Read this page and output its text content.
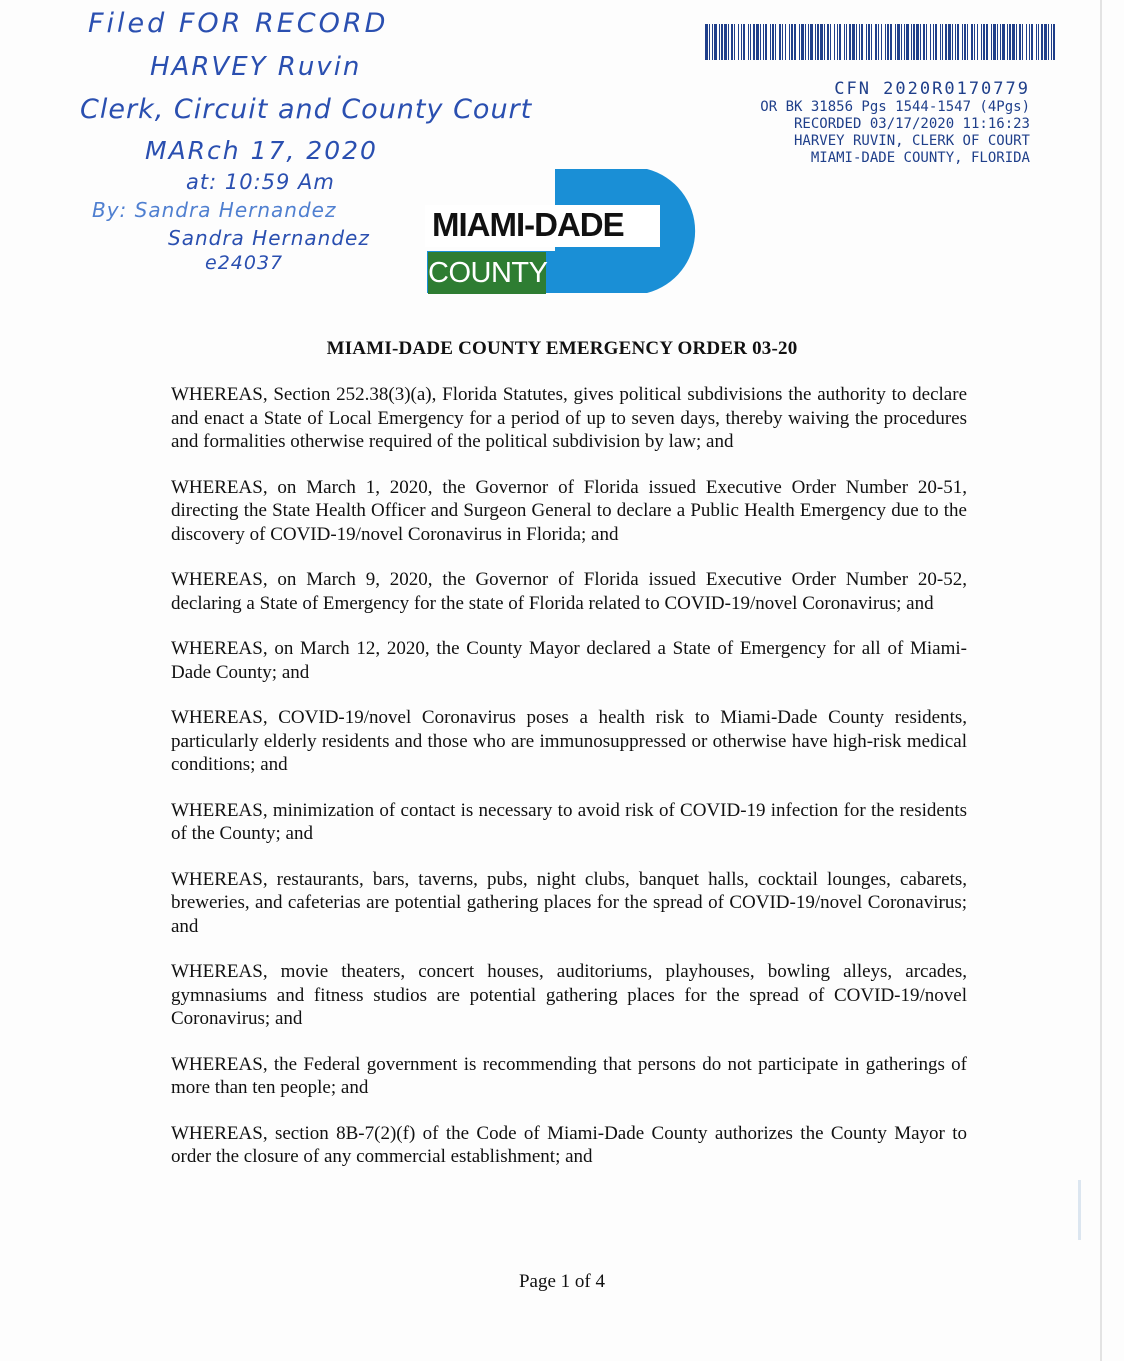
Filed FOR RECORD
HARVEY Ruvin
Clerk, Circuit and County Court
MARch 17, 2020
at: 10:59 Am
By: Sandra Hernandez
Sandra Hernandez
e24037
CFN 2020R0170779
OR BK 31856 Pgs 1544-1547 (4Pgs)
RECORDED 03/17/2020 11:16:23
HARVEY RUVIN, CLERK OF COURT
MIAMI-DADE COUNTY, FLORIDA
MIAMI-DADE
COUNTY
MIAMI-DADE COUNTY EMERGENCY ORDER 03-20

WHEREAS, Section 252.38(3)(a), Florida Statutes, gives political subdivisions the authority to declare and enact a State of Local Emergency for a period of up to seven days, thereby waiving the procedures and formalities otherwise required of the political subdivision by law; and

WHEREAS, on March 1, 2020, the Governor of Florida issued Executive Order Number 20-51, directing the State Health Officer and Surgeon General to declare a Public Health Emergency due to the discovery of COVID-19/novel Coronavirus in Florida; and

WHEREAS, on March 9, 2020, the Governor of Florida issued Executive Order Number 20-52, declaring a State of Emergency for the state of Florida related to COVID-19/novel Coronavirus; and

WHEREAS, on March 12, 2020, the County Mayor declared a State of Emergency for all of Miami-Dade County; and

WHEREAS, COVID-19/novel Coronavirus poses a health risk to Miami-Dade County residents, particularly elderly residents and those who are immunosuppressed or otherwise have high-risk medical conditions; and

WHEREAS, minimization of contact is necessary to avoid risk of COVID-19 infection for the residents of the County; and

WHEREAS, restaurants, bars, taverns, pubs, night clubs, banquet halls, cocktail lounges, cabarets, breweries, and cafeterias are potential gathering places for the spread of COVID-19/novel Coronavirus; and

WHEREAS, movie theaters, concert houses, auditoriums, playhouses, bowling alleys, arcades, gymnasiums and fitness studios are potential gathering places for the spread of COVID-19/novel Coronavirus; and

WHEREAS, the Federal government is recommending that persons do not participate in gatherings of more than ten people; and

WHEREAS, section 8B-7(2)(f) of the Code of Miami-Dade County authorizes the County Mayor to order the closure of any commercial establishment; and

Page 1 of 4
